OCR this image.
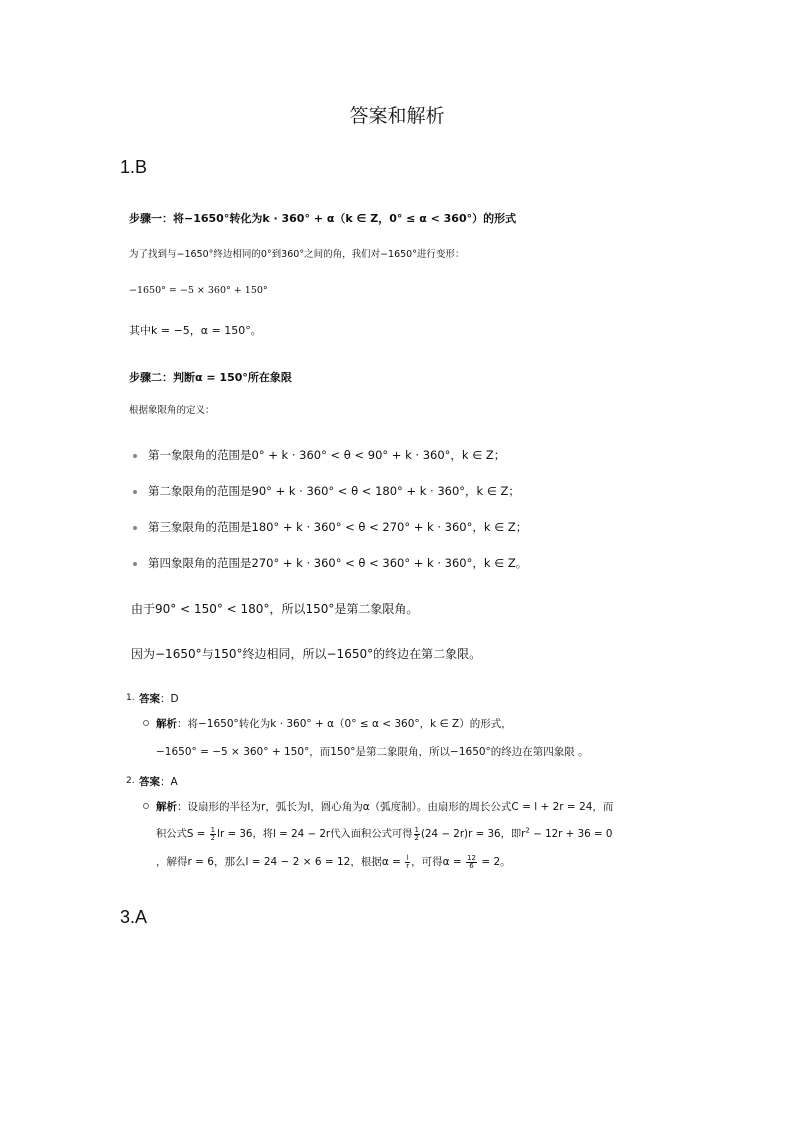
答案和解析
1.B
步骤一：将−1650°转化为k · 360° + α（k ∈ Z，0° ≤ α < 360°）的形式
为了找到与−1650°终边相同的0°到360°之间的角，我们对−1650°进行变形：
−1650° = −5 × 360° + 150°
其中k = −5，α = 150°。
步骤二：判断α = 150°所在象限
根据象限角的定义：
第一象限角的范围是0° + k · 360° < θ < 90° + k · 360°，k ∈ Z；
第二象限角的范围是90° + k · 360° < θ < 180° + k · 360°，k ∈ Z；
第三象限角的范围是180° + k · 360° < θ < 270° + k · 360°，k ∈ Z；
第四象限角的范围是270° + k · 360° < θ < 360° + k · 360°，k ∈ Z。
由于90° < 150° < 180°，所以150°是第二象限角。
因为−1650°与150°终边相同，所以−1650°的终边在第二象限。
1. 答案：D
解析：将−1650°转化为k · 360° + α（0° ≤ α < 360°，k ∈ Z）的形式，
−1650° = −5 × 360° + 150°，而150°是第二象限角，所以−1650°的终边在第四象限 。
2. 答案：A
解析：设扇形的半径为r，弧长为l，圆心角为α（弧度制）。由扇形的周长公式C = l + 2r = 24，而
积公式$S = \frac{1}{2}$ lr = 36，将l = 24 − 2r代入面积公式可得 $\frac{1}{2} (24 - 2r)r = 36$，即$r^2 - 12r + 36 = 0$
，解得r = 6，那么l = 24 − 2 × 6 = 12，根据$\alpha = \frac{l}{r}$ ，可得$\alpha = \frac{12}{6} = 2$。
3.A
